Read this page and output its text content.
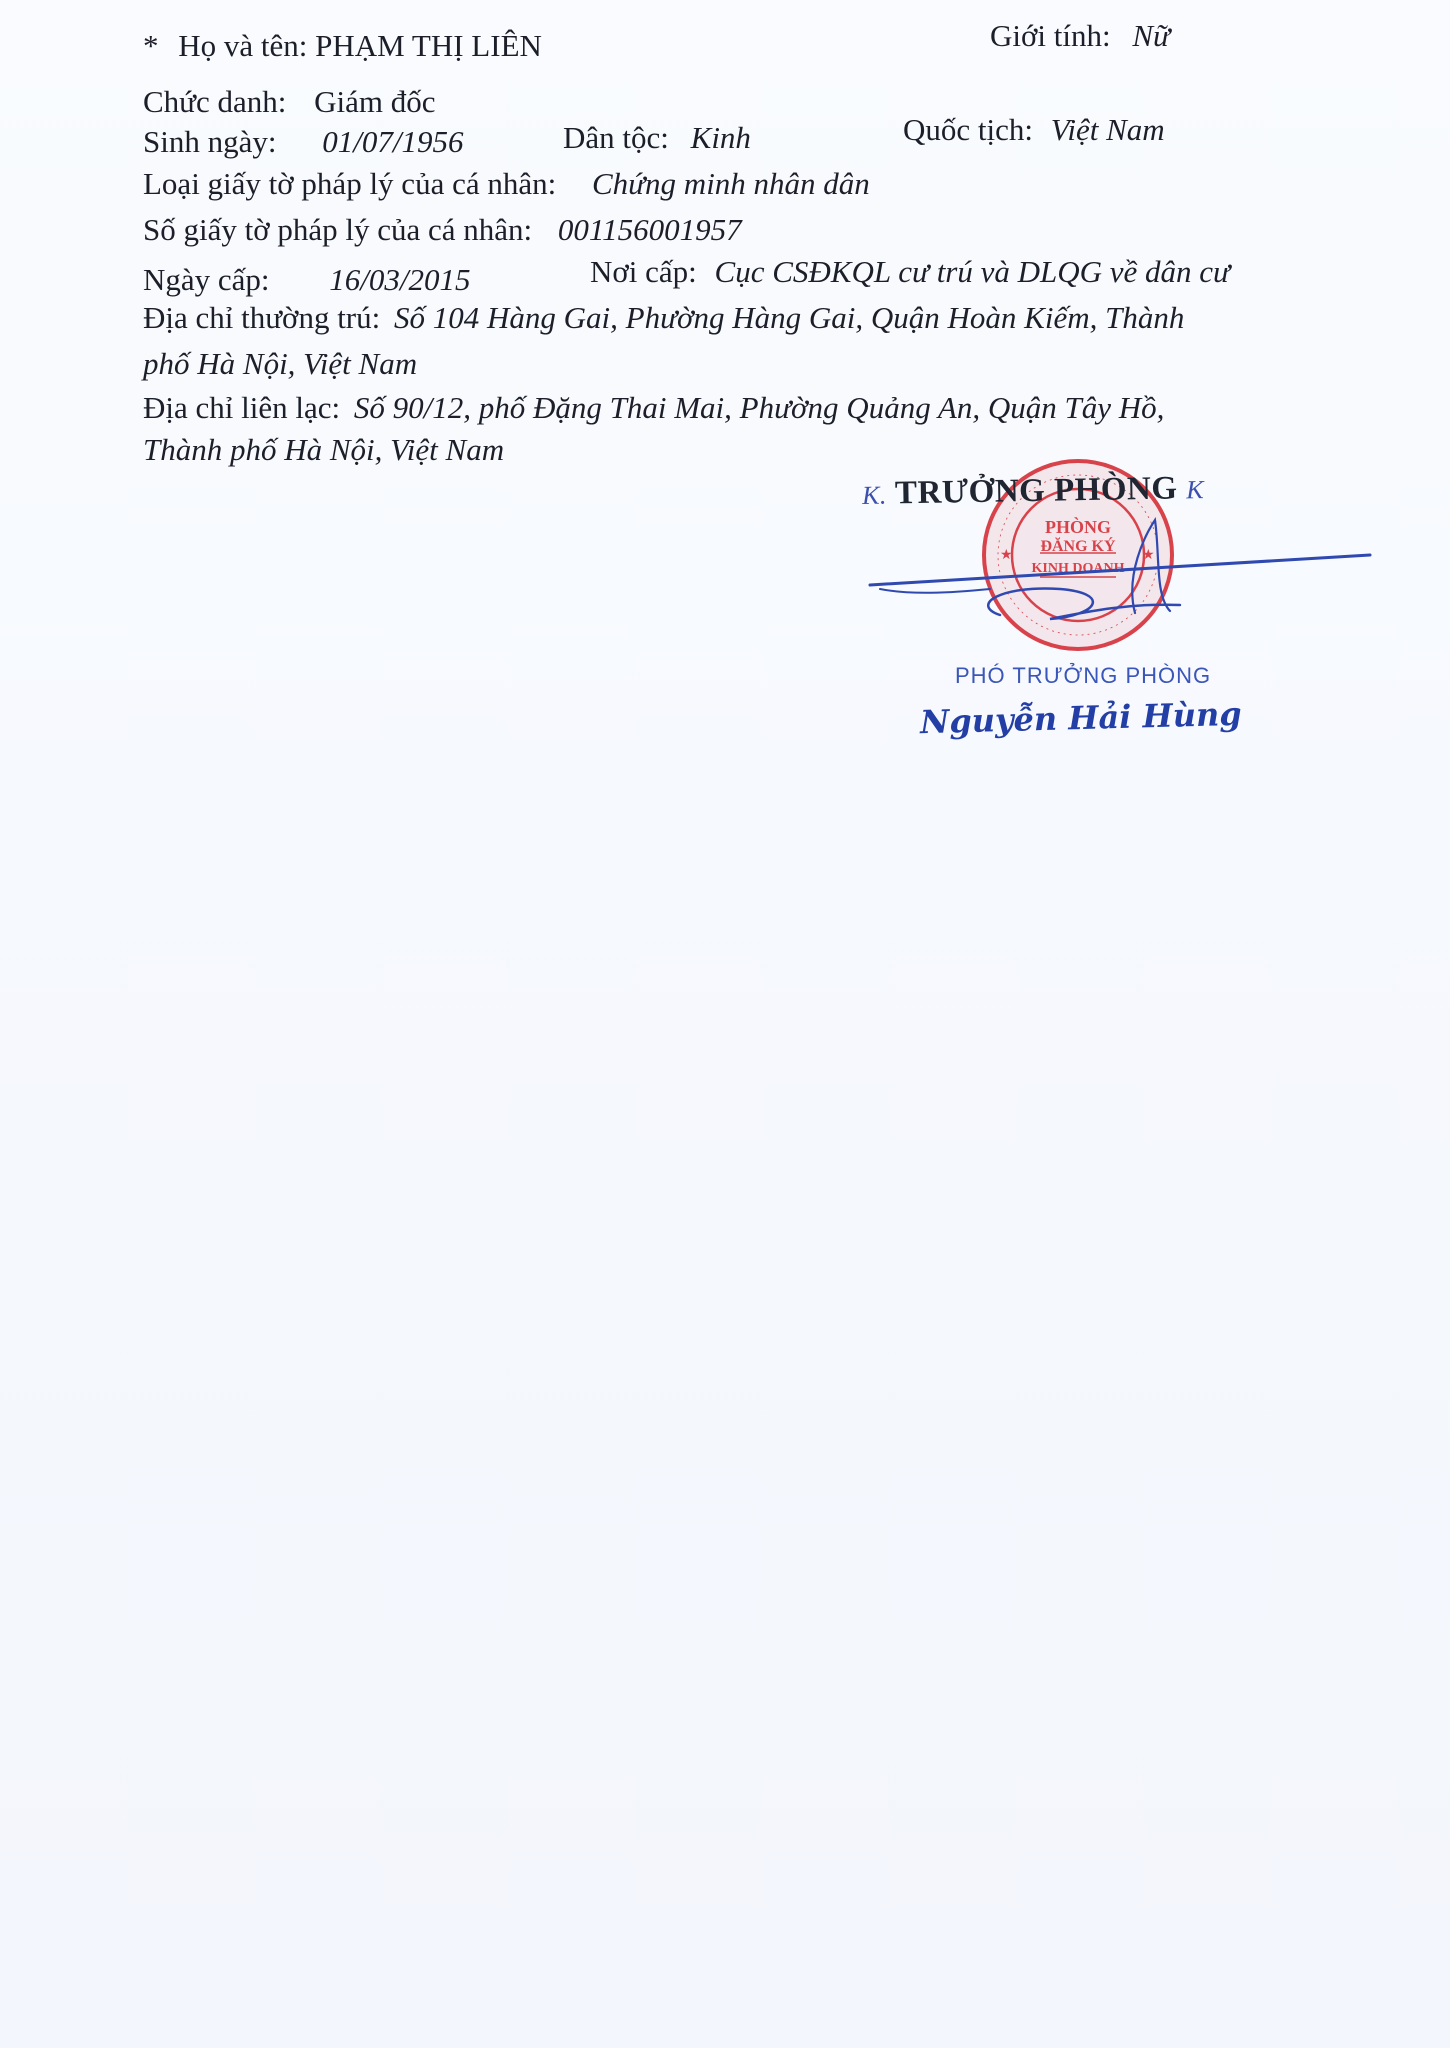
* Họ và tên: PHẠM THỊ LIÊN	Giới tính: Nữ
Chức danh: Giám đốc
Sinh ngày: 01/07/1956	Dân tộc: Kinh	Quốc tịch: Việt Nam
Loại giấy tờ pháp lý của cá nhân: Chứng minh nhân dân
Số giấy tờ pháp lý của cá nhân: 001156001957
Ngày cấp: 16/03/2015	Nơi cấp: Cục CSĐKQL cư trú và DLQG về dân cư
Địa chỉ thường trú: Số 104 Hàng Gai, Phường Hàng Gai, Quận Hoàn Kiếm, Thành
phố Hà Nội, Việt Nam
Địa chỉ liên lạc: Số 90/12, phố Đặng Thai Mai, Phường Quảng An, Quận Tây Hồ,
Thành phố Hà Nội, Việt Nam
★	★
PHÒNG
ĐĂNG KÝ
KINH DOANH
K. TRƯỞNG PHÒNG K
PHÓ TRƯỞNG PHÒNG
Nguyễn Hải Hùng
